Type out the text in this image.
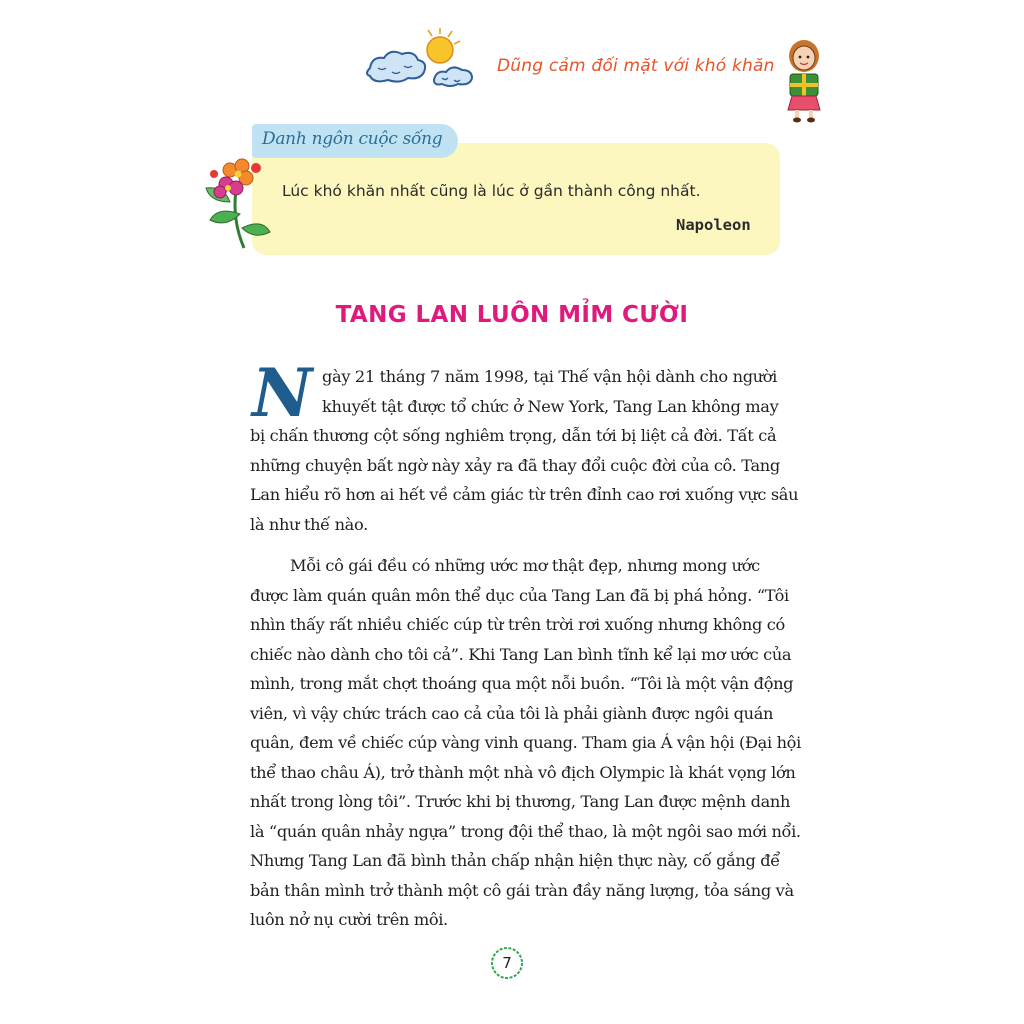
Dũng cảm đối mặt với khó khăn
Danh ngôn cuộc sống
Lúc khó khăn nhất cũng là lúc ở gần thành công nhất.
Napoleon
TANG LAN LUÔN MỈM CƯỜI
N gày 21 tháng 7 năm 1998, tại Thế vận hội dành cho người
khuyết tật được tổ chức ở New York, Tang Lan không may
bị chấn thương cột sống nghiêm trọng, dẫn tới bị liệt cả đời. Tất cả
những chuyện bất ngờ này xảy ra đã thay đổi cuộc đời của cô. Tang
Lan hiểu rõ hơn ai hết về cảm giác từ trên đỉnh cao rơi xuống vực sâu
là như thế nào.
Mỗi cô gái đều có những ước mơ thật đẹp, nhưng mong ước
được làm quán quân môn thể dục của Tang Lan đã bị phá hỏng. “Tôi
nhìn thấy rất nhiều chiếc cúp từ trên trời rơi xuống nhưng không có
chiếc nào dành cho tôi cả”. Khi Tang Lan bình tĩnh kể lại mơ ước của
mình, trong mắt chợt thoáng qua một nỗi buồn. “Tôi là một vận động
viên, vì vậy chức trách cao cả của tôi là phải giành được ngôi quán
quân, đem về chiếc cúp vàng vinh quang. Tham gia Á vận hội (Đại hội
thể thao châu Á), trở thành một nhà vô địch Olympic là khát vọng lớn
nhất trong lòng tôi”. Trước khi bị thương, Tang Lan được mệnh danh
là “quán quân nhảy ngựa” trong đội thể thao, là một ngôi sao mới nổi.
Nhưng Tang Lan đã bình thản chấp nhận hiện thực này, cố gắng để
bản thân mình trở thành một cô gái tràn đầy năng lượng, tỏa sáng và
luôn nở nụ cười trên môi.
7
